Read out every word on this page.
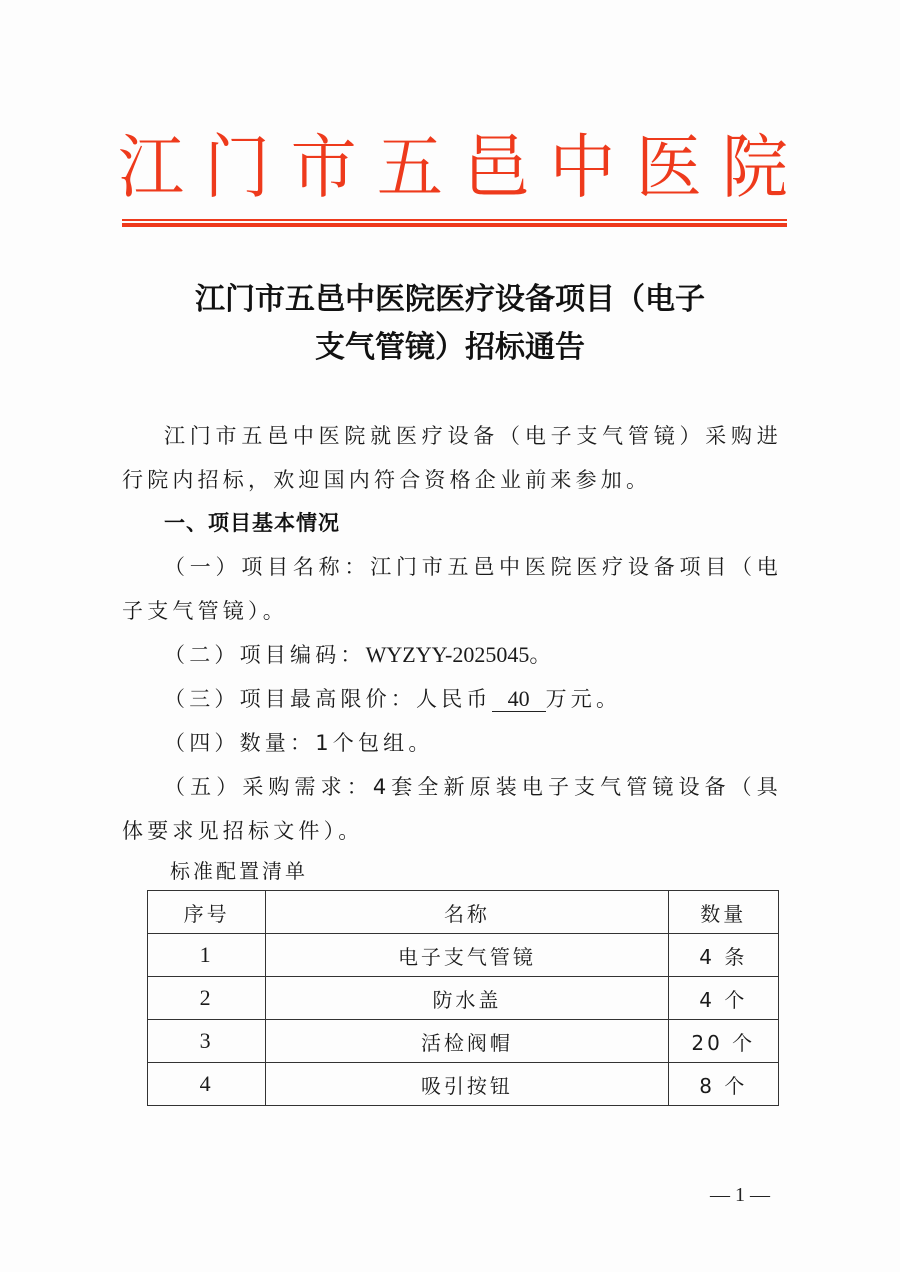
江 门 市 五 邑 中 医 院
江门市五邑中医院医疗设备项目（电子
支气管镜）招标通告
江门市五邑中医院就医疗设备（电子支气管镜）采购进行院内招标，欢迎国内符合资格企业前来参加。
一、项目基本情况
（一）项目名称：江门市五邑中医院医疗设备项目（电子支气管镜）。
（二）项目编码：WYZYY-2025045。
（三）项目最高限价：人民币 40 万元。
（四）数量：1个包组。
（五）采购需求：4套全新原装电子支气管镜设备（具体要求见招标文件）。
标准配置清单
序号	名称	数量
1	电子支气管镜	4 条
2	防水盖	4 个
3	活检阀帽	20 个
4	吸引按钮	8 个
— 1 —
